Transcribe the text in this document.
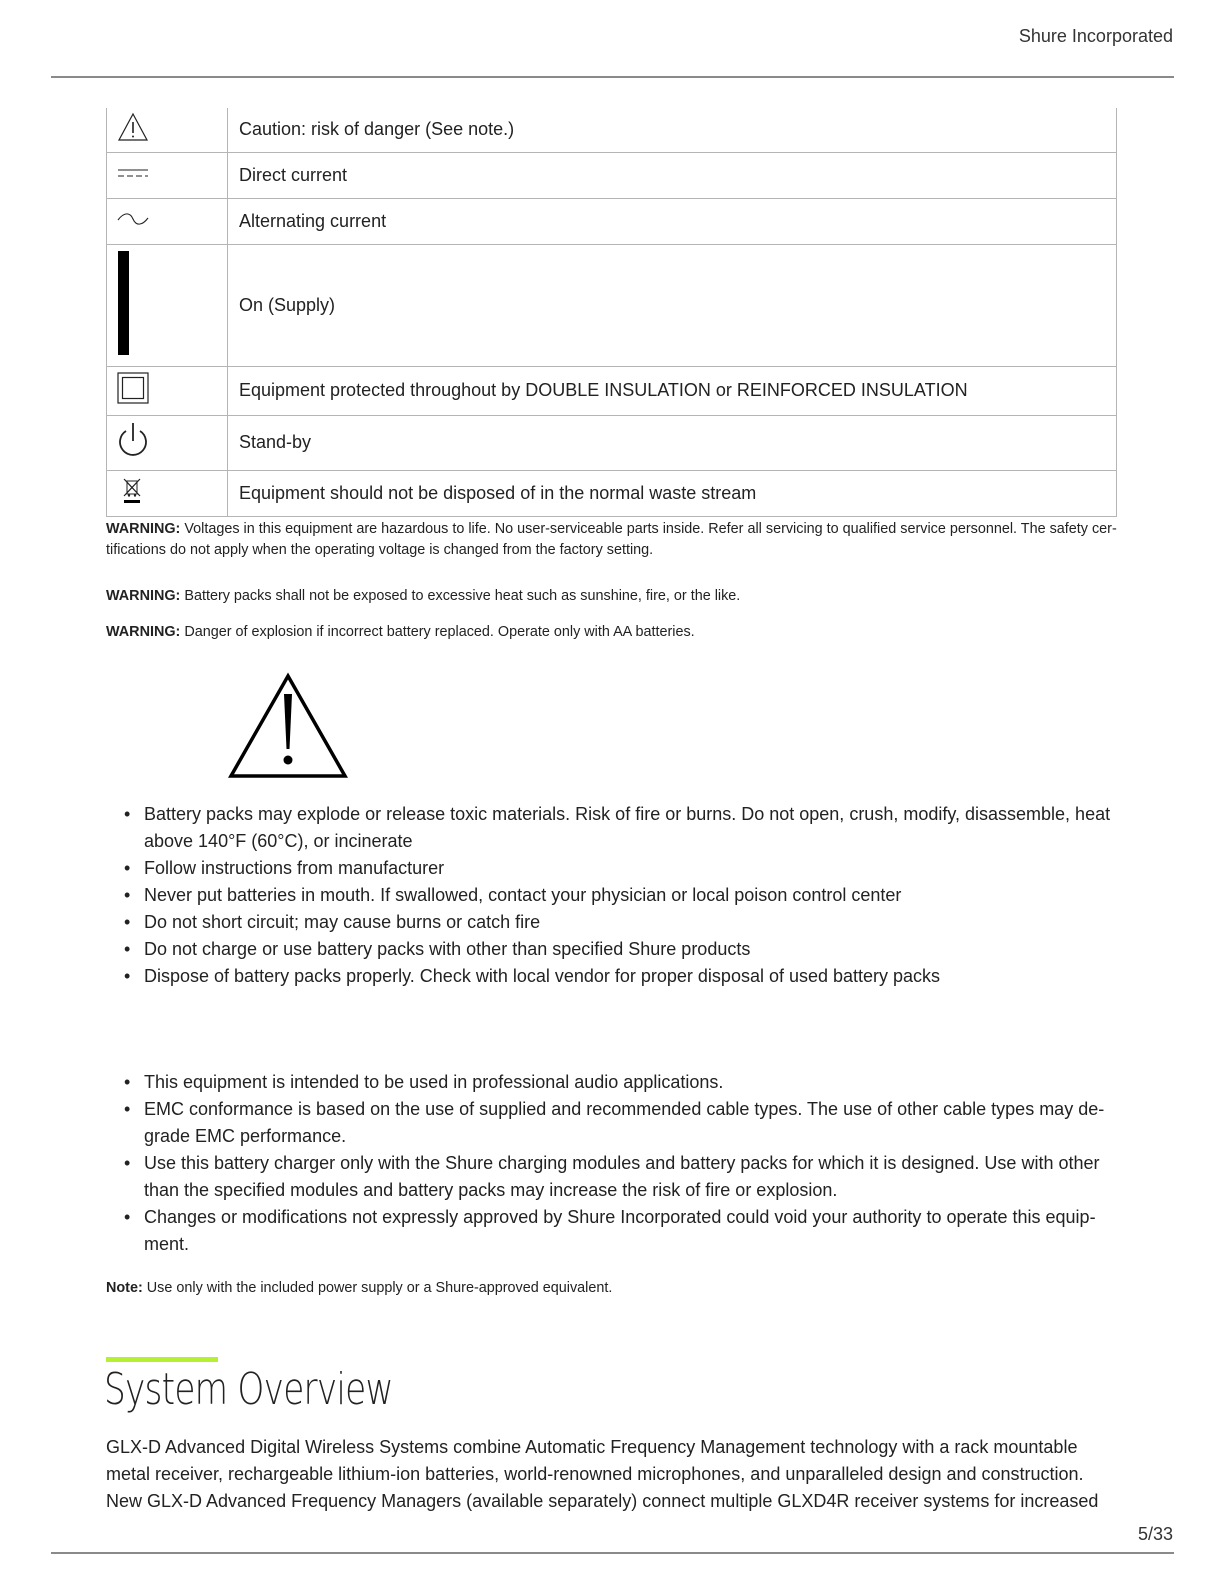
Shure Incorporated
	Caution: risk of danger (See note.)
	Direct current
	Alternating current
	On (Supply)
	Equipment protected throughout by DOUBLE INSULATION or REINFORCED INSULATION
	Stand-by
	Equipment should not be disposed of in the normal waste stream

WARNING: Voltages in this equipment are hazardous to life. No user-serviceable parts inside. Refer all servicing to qualified service personnel. The safety certifications do not apply when the operating voltage is changed from the factory setting.

WARNING: Battery packs shall not be exposed to excessive heat such as sunshine, fire, or the like.

WARNING: Danger of explosion if incorrect battery replaced. Operate only with AA batteries.

• Battery packs may explode or release toxic materials. Risk of fire or burns. Do not open, crush, modify, disassemble, heat above 140°F (60°C), or incinerate
• Follow instructions from manufacturer
• Never put batteries in mouth. If swallowed, contact your physician or local poison control center
• Do not short circuit; may cause burns or catch fire
• Do not charge or use battery packs with other than specified Shure products
• Dispose of battery packs properly. Check with local vendor for proper disposal of used battery packs
• This equipment is intended to be used in professional audio applications.
• EMC conformance is based on the use of supplied and recommended cable types. The use of other cable types may degrade EMC performance.
• Use this battery charger only with the Shure charging modules and battery packs for which it is designed. Use with other than the specified modules and battery packs may increase the risk of fire or explosion.
• Changes or modifications not expressly approved by Shure Incorporated could void your authority to operate this equipment.

Note: Use only with the included power supply or a Shure-approved equivalent.

System Overview

GLX-D Advanced Digital Wireless Systems combine Automatic Frequency Management technology with a rack mountable metal receiver, rechargeable lithium-ion batteries, world-renowned microphones, and unparalleled design and construction. New GLX-D Advanced Frequency Managers (available separately) connect multiple GLXD4R receiver systems for increased

5/33
